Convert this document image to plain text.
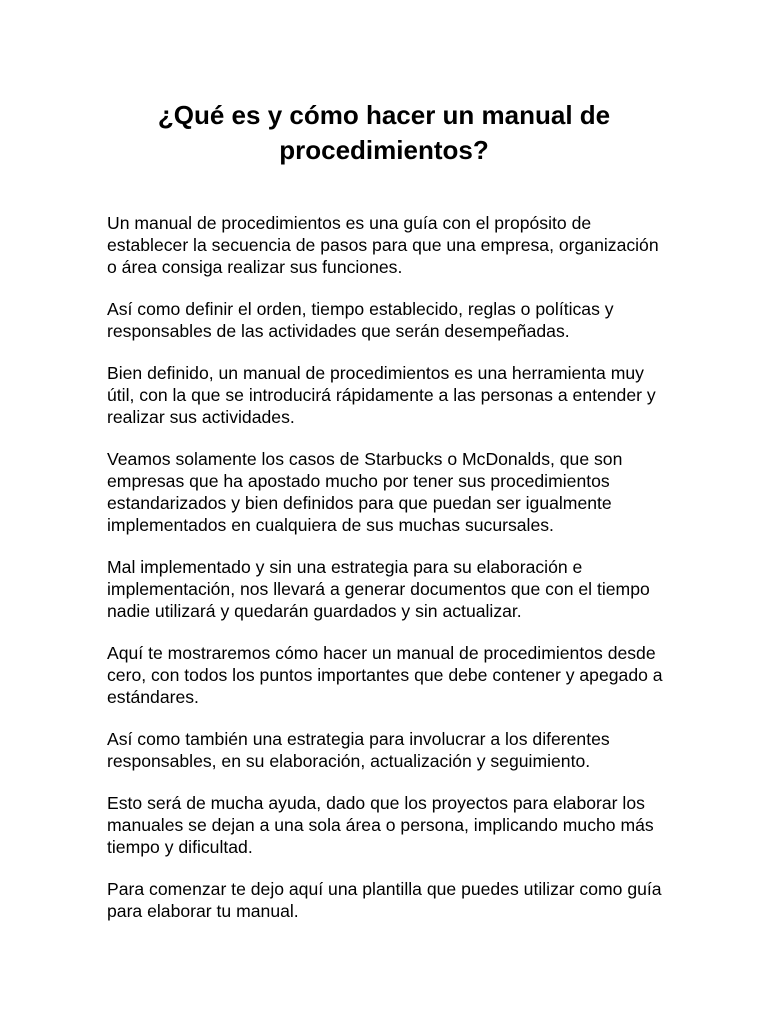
¿Qué es y cómo hacer un manual de procedimientos?

Un manual de procedimientos es una guía con el propósito de establecer la secuencia de pasos para que una empresa, organización o área consiga realizar sus funciones.

Así como definir el orden, tiempo establecido, reglas o políticas y responsables de las actividades que serán desempeñadas.

Bien definido, un manual de procedimientos es una herramienta muy útil, con la que se introducirá rápidamente a las personas a entender y realizar sus actividades.

Veamos solamente los casos de Starbucks o McDonalds, que son empresas que ha apostado mucho por tener sus procedimientos estandarizados y bien definidos para que puedan ser igualmente implementados en cualquiera de sus muchas sucursales.

Mal implementado y sin una estrategia para su elaboración e implementación, nos llevará a generar documentos que con el tiempo nadie utilizará y quedarán guardados y sin actualizar.

Aquí te mostraremos cómo hacer un manual de procedimientos desde cero, con todos los puntos importantes que debe contener y apegado a estándares.

Así como también una estrategia para involucrar a los diferentes responsables, en su elaboración, actualización y seguimiento.

Esto será de mucha ayuda, dado que los proyectos para elaborar los manuales se dejan a una sola área o persona, implicando mucho más tiempo y dificultad.

Para comenzar te dejo aquí una plantilla que puedes utilizar como guía para elaborar tu manual.
